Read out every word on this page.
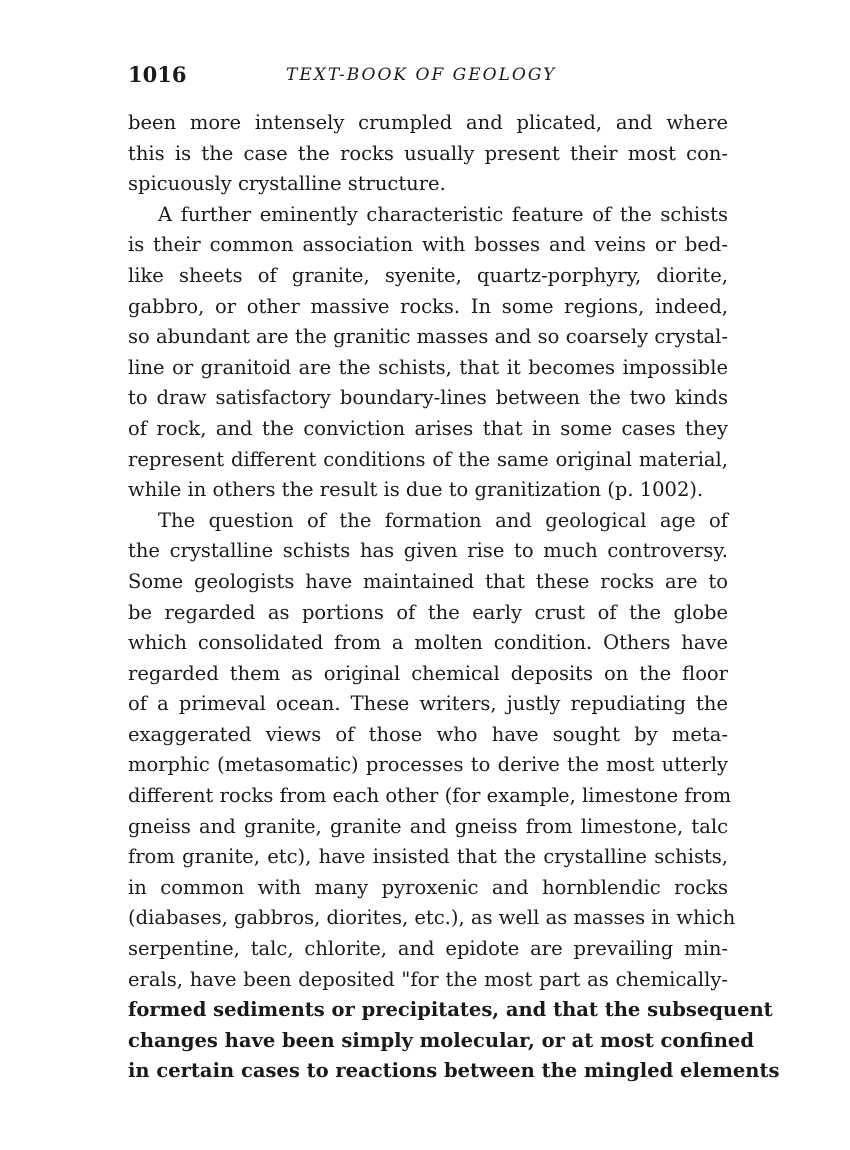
1016	TEXT-BOOK OF GEOLOGY
been more intensely crumpled and plicated, and where
this is the case the rocks usually present their most con-
spicuously crystalline structure.
A further eminently characteristic feature of the schists
is their common association with bosses and veins or bed-
like sheets of granite, syenite, quartz-porphyry, diorite,
gabbro, or other massive rocks. In some regions, indeed,
so abundant are the granitic masses and so coarsely crystal-
line or granitoid are the schists, that it becomes impossible
to draw satisfactory boundary-lines between the two kinds
of rock, and the conviction arises that in some cases they
represent different conditions of the same original material,
while in others the result is due to granitization (p. 1002).
The question of the formation and geological age of
the crystalline schists has given rise to much controversy.
Some geologists have maintained that these rocks are to
be regarded as portions of the early crust of the globe
which consolidated from a molten condition. Others have
regarded them as original chemical deposits on the floor
of a primeval ocean. These writers, justly repudiating the
exaggerated views of those who have sought by meta-
morphic (metasomatic) processes to derive the most utterly
different rocks from each other (for example, limestone from
gneiss and granite, granite and gneiss from limestone, talc
from granite, etc), have insisted that the crystalline schists,
in common with many pyroxenic and hornblendic rocks
(diabases, gabbros, diorites, etc.), as well as masses in which
serpentine, talc, chlorite, and epidote are prevailing min-
erals, have been deposited "for the most part as chemically-
formed sediments or precipitates, and that the subsequent
changes have been simply molecular, or at most confined
in certain cases to reactions between the mingled elements
